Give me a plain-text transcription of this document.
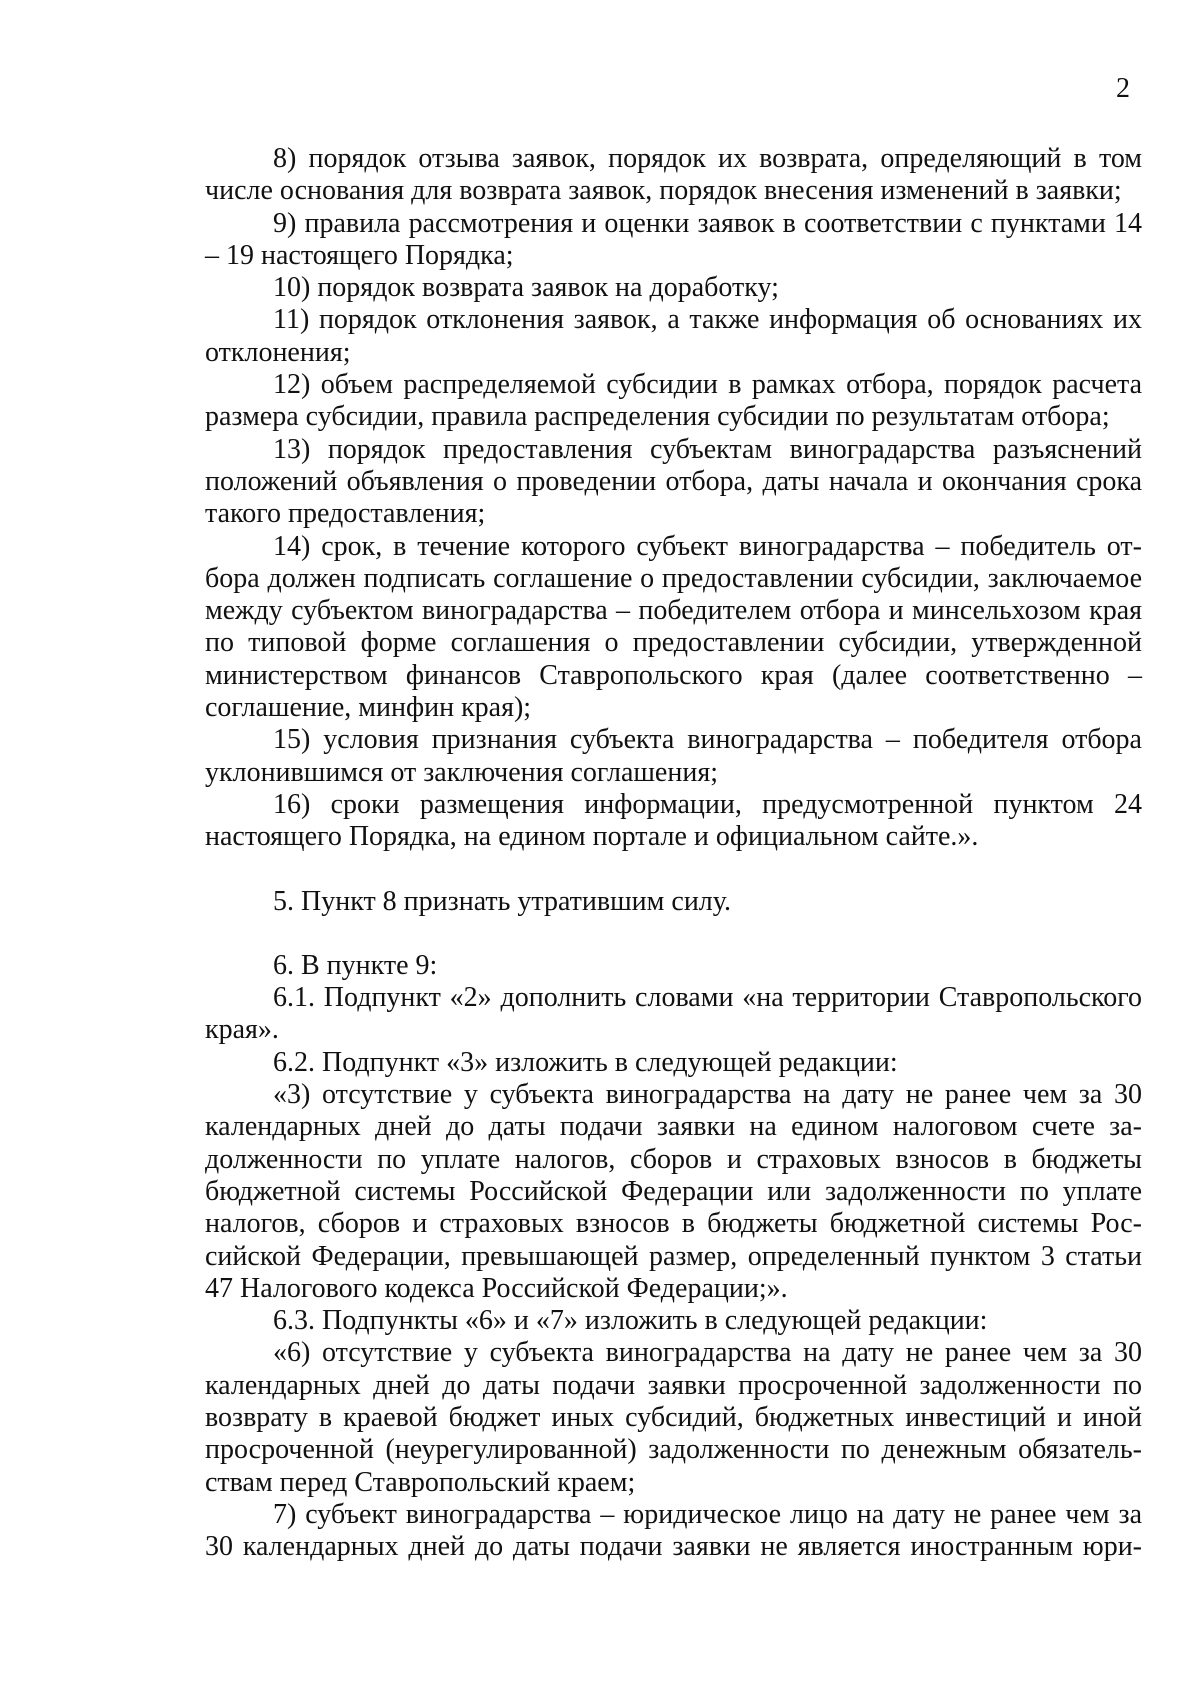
2

8) порядок отзыва заявок, порядок их возврата, определяющий в том числе основания для возврата заявок, порядок внесения изменений в заявки;

9) правила рассмотрения и оценки заявок в соответствии с пунктами 14 – 19 настоящего Порядка;

10) порядок возврата заявок на доработку;

11) порядок отклонения заявок, а также информация об основаниях их отклонения;

12) объем распределяемой субсидии в рамках отбора, порядок расчета размера субсидии, правила распределения субсидии по результатам отбора;

13) порядок предоставления субъектам виноградарства разъяснений положений объявления о проведении отбора, даты начала и окончания срока такого предоставления;

14) срок, в течение которого субъект виноградарства – победитель отбора должен подписать соглашение о предоставлении субсидии, заключаемое между субъектом виноградарства – победителем отбора и минсельхозом края по типовой форме соглашения о предоставлении субсидии, утвержденной министерством финансов Ставропольского края (далее соответственно – соглашение, минфин края);

15) условия признания субъекта виноградарства – победителя отбора уклонившимся от заключения соглашения;

16) сроки размещения информации, предусмотренной пунктом 24 настоящего Порядка, на едином портале и официальном сайте.».

5. Пункт 8 признать утратившим силу.

6. В пункте 9:

6.1. Подпункт «2» дополнить словами «на территории Ставропольского края».

6.2. Подпункт «3» изложить в следующей редакции:

«3) отсутствие у субъекта виноградарства на дату не ранее чем за 30 календарных дней до даты подачи заявки на едином налоговом счете задолженности по уплате налогов, сборов и страховых взносов в бюджеты бюджетной системы Российской Федерации или задолженности по уплате налогов, сборов и страховых взносов в бюджеты бюджетной системы Российской Федерации, превышающей размер, определенный пунктом 3 статьи 47 Налогового кодекса Российской Федерации;».

6.3. Подпункты «6» и «7» изложить в следующей редакции:

«6) отсутствие у субъекта виноградарства на дату не ранее чем за 30 календарных дней до даты подачи заявки просроченной задолженности по возврату в краевой бюджет иных субсидий, бюджетных инвестиций и иной просроченной (неурегулированной) задолженности по денежным обязательствам перед Ставропольский краем;

7) субъект виноградарства – юридическое лицо на дату не ранее чем за 30 календарных дней до даты подачи заявки не является иностранным юри-
